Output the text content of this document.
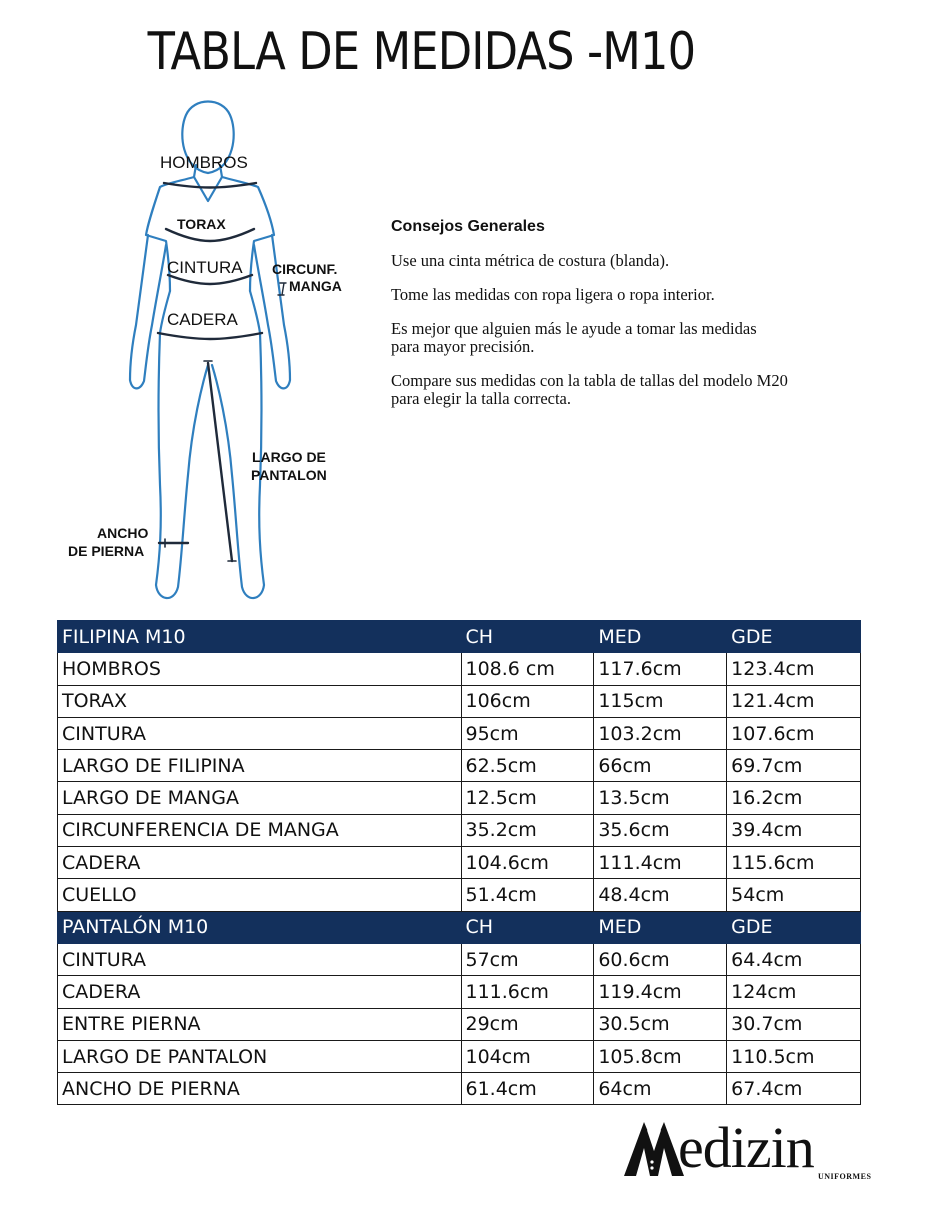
TABLA DE MEDIDAS -M10
HOMBROS
TORAX
CINTURA CIRCUNF.
MANGA
CADERA
LARGO DE
PANTALON
ANCHO
DE PIERNA
Consejos Generales

Use una cinta métrica de costura (blanda).

Tome las medidas con ropa ligera o ropa interior.

Es mejor que alguien más le ayude a tomar las medidas
para mayor precisión.

Compare sus medidas con la tabla de tallas del modelo M20
para elegir la talla correcta.

FILIPINA M10	CH	MED	GDE
HOMBROS	108.6 cm	117.6cm	123.4cm
TORAX	106cm	115cm	121.4cm
CINTURA	95cm	103.2cm	107.6cm
LARGO DE FILIPINA	62.5cm	66cm	69.7cm
LARGO DE MANGA	12.5cm	13.5cm	16.2cm
CIRCUNFERENCIA DE MANGA	35.2cm	35.6cm	39.4cm
CADERA	104.6cm	111.4cm	115.6cm
CUELLO	51.4cm	48.4cm	54cm
PANTALÓN M10	CH	MED	GDE
CINTURA	57cm	60.6cm	64.4cm
CADERA	111.6cm	119.4cm	124cm
ENTRE PIERNA	29cm	30.5cm	30.7cm
LARGO DE PANTALON	104cm	105.8cm	110.5cm
ANCHO DE PIERNA	61.4cm	64cm	67.4cm
edizin UNIFORMES
